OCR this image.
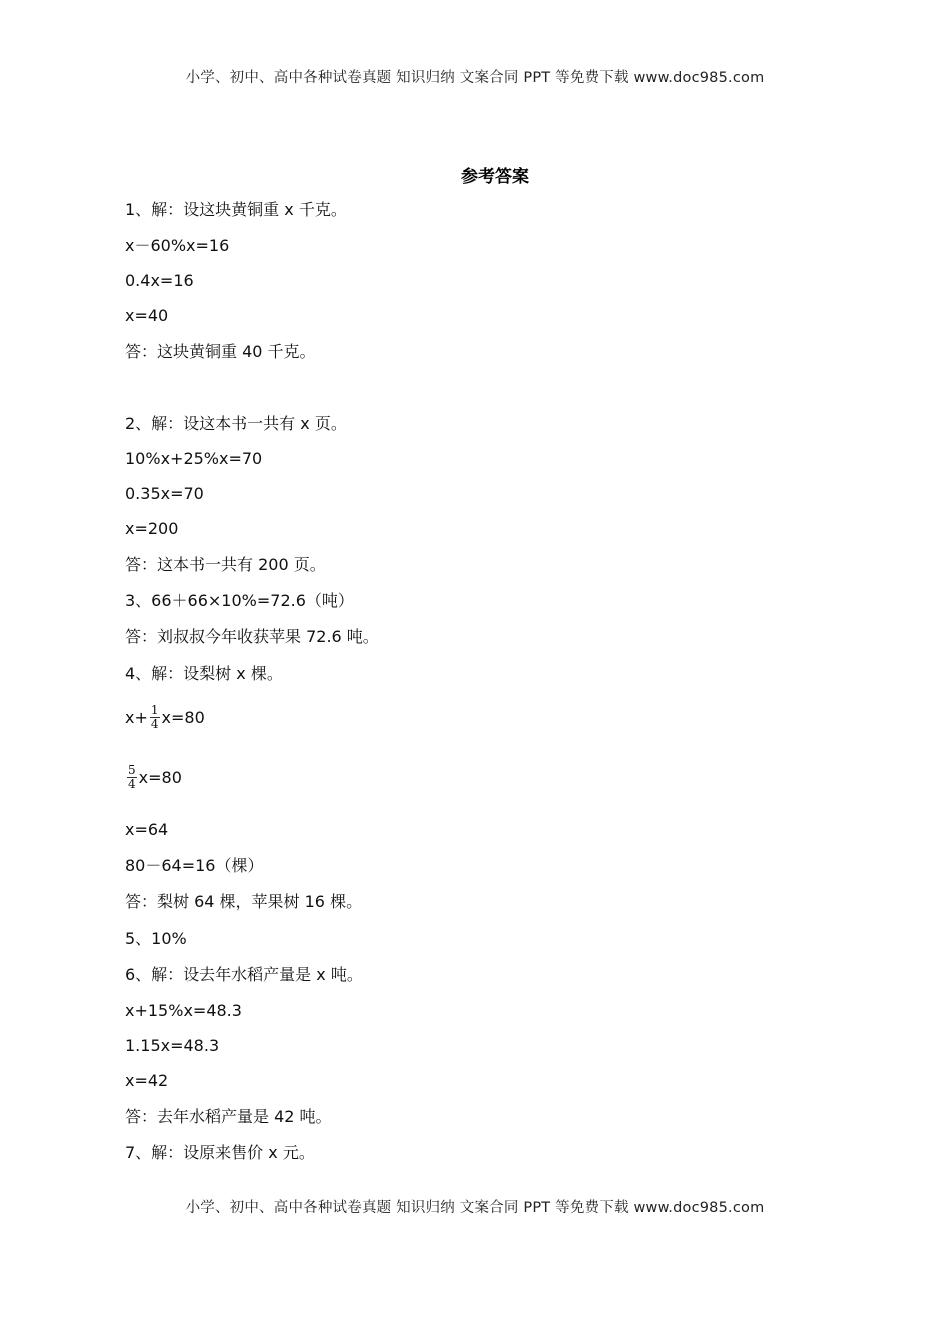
小学、初中、高中各种试卷真题 知识归纳 文案合同 PPT 等免费下载 www.doc985.com
参考答案
1、解：设这块黄铜重 x 千克。
x－60%x=16
0.4x=16
x=40
答：这块黄铜重 40 千克。
2、解：设这本书一共有 x 页。
10%x+25%x=70
0.35x=70
x=200
答：这本书一共有 200 页。
3、66＋66×10%=72.6（吨）
答：刘叔叔今年收获苹果 72.6 吨。
4、解：设梨树 x 棵。
$x+ \frac{1}{4} x=80$
$\frac{5}{4} x=80$
x=64
80－64=16（棵）
答：梨树 64 棵，苹果树 16 棵。
5、10%
6、解：设去年水稻产量是 x 吨。
x+15%x=48.3
1.15x=48.3
x=42
答：去年水稻产量是 42 吨。
7、解：设原来售价 x 元。
小学、初中、高中各种试卷真题 知识归纳 文案合同 PPT 等免费下载 www.doc985.com
